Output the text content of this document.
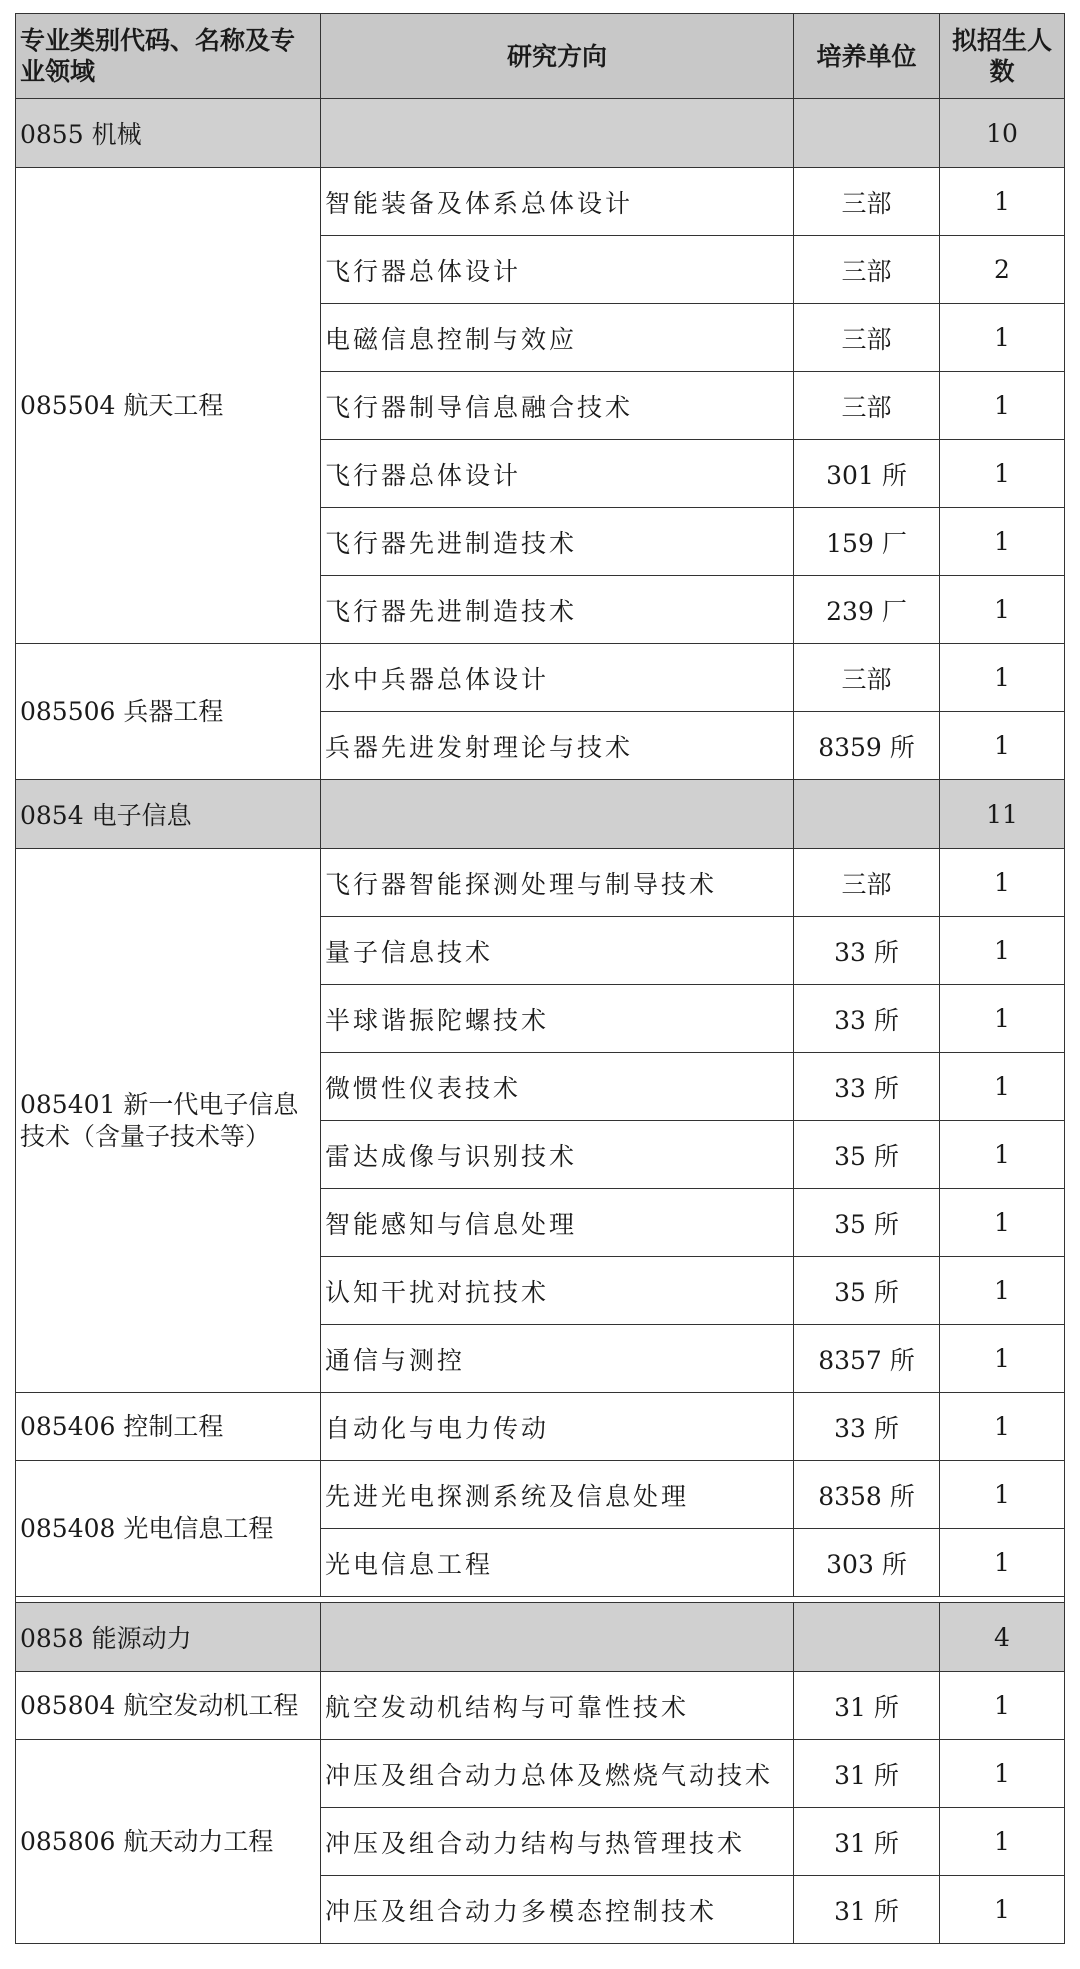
专业类别代码、名称及专业领域	研究方向	培养单位	拟招生人数
0855 机械			10

085504 航天工程	智能装备及体系总体设计	三部	1
	飞行器总体设计	三部	2
	电磁信息控制与效应	三部	1
	飞行器制导信息融合技术	三部	1
	飞行器总体设计	301 所	1
	飞行器先进制造技术	159 厂	1
	飞行器先进制造技术	239 厂	1

085506 兵器工程	水中兵器总体设计	三部	1
	兵器先进发射理论与技术	8359 所	1
0854 电子信息			11

085401 新一代电子信息技术（含量子技术等）	飞行器智能探测处理与制导技术	三部	1
	量子信息技术	33 所	1
	半球谐振陀螺技术	33 所	1
	微惯性仪表技术	33 所	1
	雷达成像与识别技术	35 所	1
	智能感知与信息处理	35 所	1
	认知干扰对抗技术	35 所	1
	通信与测控	8357 所	1

085406 控制工程	自动化与电力传动	33 所	1

085408 光电信息工程	先进光电探测系统及信息处理	8358 所	1
	光电信息工程	303 所	1

0858 能源动力			4

085804 航空发动机工程	航空发动机结构与可靠性技术	31 所	1

085806 航天动力工程	冲压及组合动力总体及燃烧气动技术	31 所	1
	冲压及组合动力结构与热管理技术	31 所	1
	冲压及组合动力多模态控制技术	31 所	1
